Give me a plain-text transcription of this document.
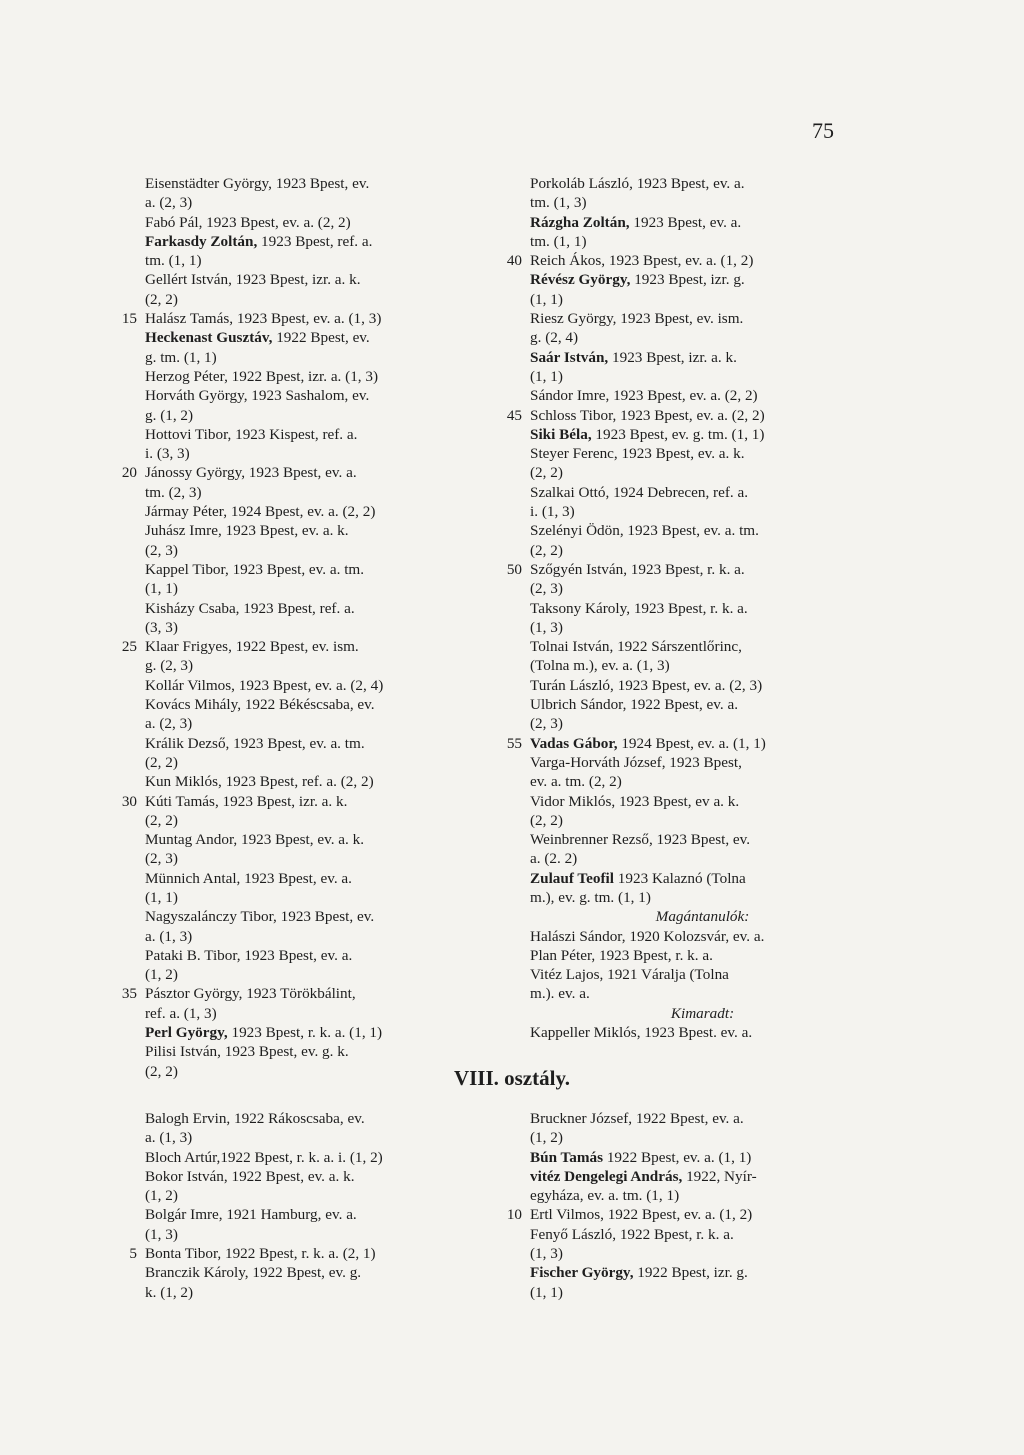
75
Eisenstädter György, 1923 Bpest, ev.
a. (2, 3)
Fabó Pál, 1923 Bpest, ev. a. (2, 2)
Farkasdy Zoltán, 1923 Bpest, ref. a.
tm. (1, 1)
Gellért István, 1923 Bpest, izr. a. k.
(2, 2)
15 Halász Tamás, 1923 Bpest, ev. a. (1, 3)
Heckenast Gusztáv, 1922 Bpest, ev.
g. tm. (1, 1)
Herzog Péter, 1922 Bpest, izr. a. (1, 3)
Horváth György, 1923 Sashalom, ev.
g. (1, 2)
Hottovi Tibor, 1923 Kispest, ref. a.
i. (3, 3)
20 Jánossy György, 1923 Bpest, ev. a.
tm. (2, 3)
Jármay Péter, 1924 Bpest, ev. a. (2, 2)
Juhász Imre, 1923 Bpest, ev. a. k.
(2, 3)
Kappel Tibor, 1923 Bpest, ev. a. tm.
(1, 1)
Kisházy Csaba, 1923 Bpest, ref. a.
(3, 3)
25 Klaar Frigyes, 1922 Bpest, ev. ism.
g. (2, 3)
Kollár Vilmos, 1923 Bpest, ev. a. (2, 4)
Kovács Mihály, 1922 Békéscsaba, ev.
a. (2, 3)
Králik Dezső, 1923 Bpest, ev. a. tm.
(2, 2)
Kun Miklós, 1923 Bpest, ref. a. (2, 2)
30 Kúti Tamás, 1923 Bpest, izr. a. k.
(2, 2)
Muntag Andor, 1923 Bpest, ev. a. k.
(2, 3)
Münnich Antal, 1923 Bpest, ev. a.
(1, 1)
Nagyszalánczy Tibor, 1923 Bpest, ev.
a. (1, 3)
Pataki B. Tibor, 1923 Bpest, ev. a.
(1, 2)
35 Pásztor György, 1923 Törökbálint,
ref. a. (1, 3)
Perl György, 1923 Bpest, r. k. a. (1, 1)
Pilisi István, 1923 Bpest, ev. g. k.
(2, 2)
Porkoláb László, 1923 Bpest, ev. a.
tm. (1, 3)
Rázgha Zoltán, 1923 Bpest, ev. a.
tm. (1, 1)
40 Reich Ákos, 1923 Bpest, ev. a. (1, 2)
Révész György, 1923 Bpest, izr. g.
(1, 1)
Riesz György, 1923 Bpest, ev. ism.
g. (2, 4)
Saár István, 1923 Bpest, izr. a. k.
(1, 1)
Sándor Imre, 1923 Bpest, ev. a. (2, 2)
45 Schloss Tibor, 1923 Bpest, ev. a. (2, 2)
Siki Béla, 1923 Bpest, ev. g. tm. (1, 1)
Steyer Ferenc, 1923 Bpest, ev. a. k.
(2, 2)
Szalkai Ottó, 1924 Debrecen, ref. a.
i. (1, 3)
Szelényi Ödön, 1923 Bpest, ev. a. tm.
(2, 2)
50 Szőgyén István, 1923 Bpest, r. k. a.
(2, 3)
Taksony Károly, 1923 Bpest, r. k. a.
(1, 3)
Tolnai István, 1922 Sárszentlőrinc,
(Tolna m.), ev. a. (1, 3)
Turán László, 1923 Bpest, ev. a. (2, 3)
Ulbrich Sándor, 1922 Bpest, ev. a.
(2, 3)
55 Vadas Gábor, 1924 Bpest, ev. a. (1, 1)
Varga-Horváth József, 1923 Bpest,
ev. a. tm. (2, 2)
Vidor Miklós, 1923 Bpest, ev a. k.
(2, 2)
Weinbrenner Rezső, 1923 Bpest, ev.
a. (2. 2)
Zulauf Teofil 1923 Kalaznó (Tolna
m.), ev. g. tm. (1, 1)
Magántanulók:
Halászi Sándor, 1920 Kolozsvár, ev. a.
Plan Péter, 1923 Bpest, r. k. a.
Vitéz Lajos, 1921 Váralja (Tolna
m.). ev. a.
Kimaradt:
Kappeller Miklós, 1923 Bpest. ev. a.
VIII. osztály.
Balogh Ervin, 1922 Rákoscsaba, ev.
a. (1, 3)
Bloch Artúr,1922 Bpest, r. k. a. i. (1, 2)
Bokor István, 1922 Bpest, ev. a. k.
(1, 2)
Bolgár Imre, 1921 Hamburg, ev. a.
(1, 3)
5 Bonta Tibor, 1922 Bpest, r. k. a. (2, 1)
Branczik Károly, 1922 Bpest, ev. g.
k. (1, 2)
Bruckner József, 1922 Bpest, ev. a.
(1, 2)
Bún Tamás 1922 Bpest, ev. a. (1, 1)
vitéz Dengelegi András, 1922, Nyír-
egyháza, ev. a. tm. (1, 1)
10 Ertl Vilmos, 1922 Bpest, ev. a. (1, 2)
Fenyő László, 1922 Bpest, r. k. a.
(1, 3)
Fischer György, 1922 Bpest, izr. g.
(1, 1)
